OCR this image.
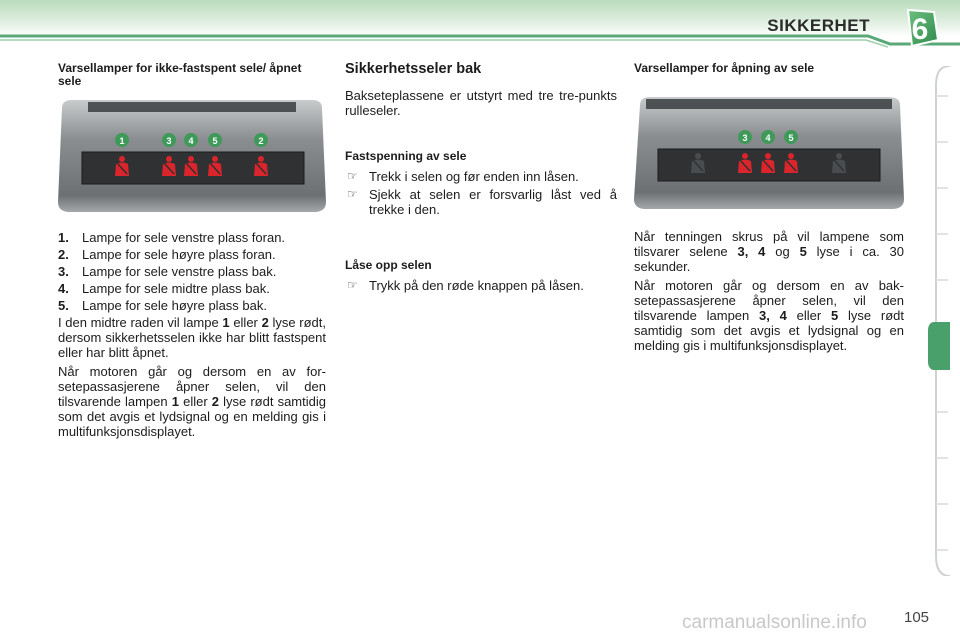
SIKKERHET 6

Varsellamper for ikke-fastspent sele/ åpnet sele

1	3 4 5	2
1. Lampe for sele venstre plass foran.
2. Lampe for sele høyre plass foran.
3. Lampe for sele venstre plass bak.
4. Lampe for sele midtre plass bak.
5. Lampe for sele høyre plass bak.

I den midtre raden vil lampe 1 eller 2 lyse rødt, dersom sikkerhetsselen ikke har blitt fastspent eller har blitt åpnet.

Når motoren går og dersom en av for-setepassasjerene åpner selen, vil den tilsvarende lampen 1 eller 2 lyse rødt samtidig som det avgis et lydsignal og en melding gis i multifunksjonsdisplayet.

Sikkerhetsseler bak

Bakseteplassene er utstyrt med tre tre-punkts rulleseler.

Fastspenning av sele

☞ Trekk i selen og før enden inn låsen.
☞ Sjekk at selen er forsvarlig låst ved å trekke i den.

Låse opp selen

☞ Trykk på den røde knappen på låsen.

Varsellamper for åpning av sele

3 4 5

Når tenningen skrus på vil lampene som tilsvarer selene 3, 4 og 5 lyse i ca. 30 sekunder.

Når motoren går og dersom en av bak-setepassasjerene åpner selen, vil den tilsvarende lampen 3, 4 eller 5 lyse rødt samtidig som det avgis et lydsignal og en melding gis i multifunksjonsdisplayet.

carmanualsonline.info 105
